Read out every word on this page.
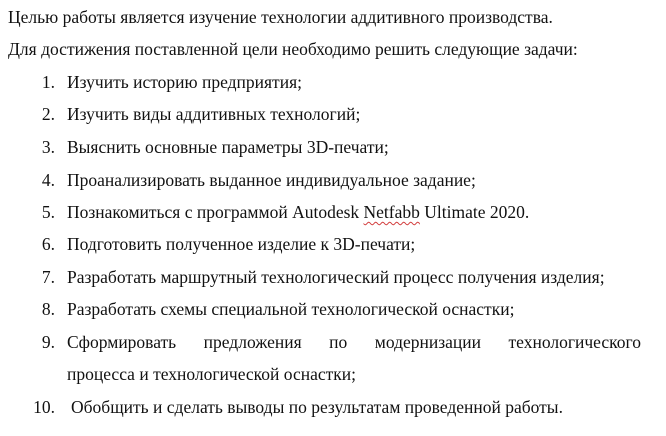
Целью работы является изучение технологии аддитивного производства.
Для достижения поставленной цели необходимо решить следующие задачи:
1. Изучить историю предприятия;
2. Изучить виды аддитивных технологий;
3. Выяснить основные параметры 3D-печати;
4. Проанализировать выданное индивидуальное задание;
5. Познакомиться с программой Autodesk Netfabb Ultimate 2020.
6. Подготовить полученное изделие к 3D-печати;
7. Разработать маршрутный технологический процесс получения изделия;
8. Разработать схемы специальной технологической оснастки;
9. Сформировать предложения по модернизации технологического
процесса и технологической оснастки;
10. Обобщить и сделать выводы по результатам проведенной работы.
